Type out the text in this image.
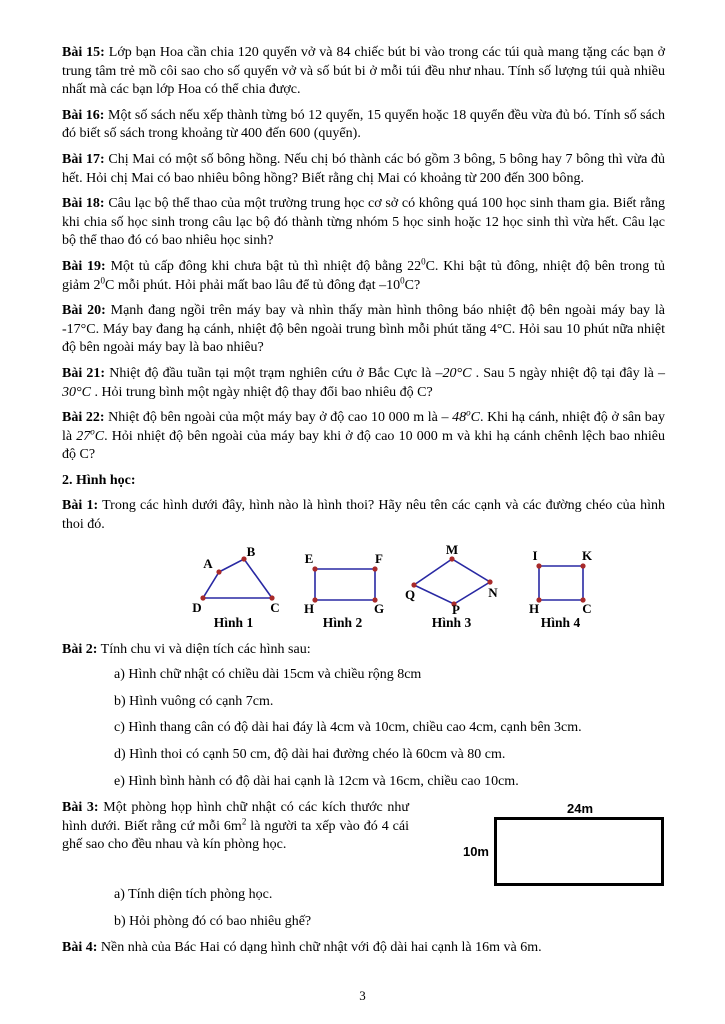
Bài 15: Lớp bạn Hoa cần chia 120 quyển vở và 84 chiếc bút bi vào trong các túi quà mang tặng các bạn ở trung tâm trẻ mồ côi sao cho số quyển vở và số bút bi ở mỗi túi đều như nhau. Tính số lượng túi quà nhiều nhất mà các bạn lớp Hoa có thể chia được.

Bài 16: Một số sách nếu xếp thành từng bó 12 quyển, 15 quyển hoặc 18 quyển đều vừa đủ bó. Tính số sách đó biết số sách trong khoảng từ 400 đến 600 (quyển).

Bài 17: Chị Mai có một số bông hồng. Nếu chị bó thành các bó gồm 3 bông, 5 bông hay 7 bông thì vừa đủ hết. Hỏi chị Mai có bao nhiêu bông hồng? Biết rằng chị Mai có khoảng từ 200 đến 300 bông.

Bài 18: Câu lạc bộ thể thao của một trường trung học cơ sở có không quá 100 học sinh tham gia. Biết rằng khi chia số học sinh trong câu lạc bộ đó thành từng nhóm 5 học sinh hoặc 12 học sinh thì vừa hết. Câu lạc bộ thể thao đó có bao nhiêu học sinh?

Bài 19: Một tủ cấp đông khi chưa bật tủ thì nhiệt độ bằng $22^0C$. Khi bật tủ đông, nhiệt độ bên trong tủ giảm $2^0C$ mỗi phút. Hỏi phải mất bao lâu để tủ đông đạt $-10^0C$?

Bài 20: Mạnh đang ngồi trên máy bay và nhìn thấy màn hình thông báo nhiệt độ bên ngoài máy bay là -17°C. Máy bay đang hạ cánh, nhiệt độ bên ngoài trung bình mỗi phút tăng 4°C. Hỏi sau 10 phút nữa nhiệt độ bên ngoài máy bay là bao nhiêu?

Bài 21: Nhiệt độ đầu tuần tại một trạm nghiên cứu ở Bắc Cực là –20°C . Sau 5 ngày nhiệt độ tại đây là –30°C . Hỏi trung bình một ngày nhiệt độ thay đổi bao nhiêu độ C?

Bài 22: Nhiệt độ bên ngoài của một máy bay ở độ cao 10 000 m là – 48$^o$C. Khi hạ cánh, nhiệt độ ở sân bay là 27$^o$C. Hỏi nhiệt độ bên ngoài của máy bay khi ở độ cao 10 000 m và khi hạ cánh chênh lệch bao nhiêu độ C?

2. Hình học:

Bài 1: Trong các hình dưới đây, hình nào là hình thoi? Hãy nêu tên các cạnh và các đường chéo của hình thoi đó.

A
B
C
D
Hình 1
E	F
G
H
Hình 2
M
Q	N
P
Hình 3
I	K
C
H
Hình 4

Bài 2: Tính chu vi và diện tích các hình sau:

a) Hình chữ nhật có chiều dài 15cm và chiều rộng 8cm

b) Hình vuông có cạnh 7cm.

c) Hình thang cân có độ dài hai đáy là 4cm và 10cm, chiều cao 4cm, cạnh bên 3cm.

d) Hình thoi có cạnh 50 cm, độ dài hai đường chéo là 60cm và 80 cm.

e) Hình bình hành có độ dài hai cạnh là 12cm và 16cm, chiều cao 10cm.

Bài 3: Một phòng họp hình chữ nhật có các kích thước như hình dưới. Biết rằng cứ mỗi $6m^2$ là người ta xếp vào đó 4 cái ghế sao cho đều nhau và kín phòng học.

24m
10m

a) Tính diện tích phòng học.

b) Hỏi phòng đó có bao nhiêu ghế?

Bài 4: Nền nhà của Bác Hai có dạng hình chữ nhật với độ dài hai cạnh là 16m và 6m.

3
